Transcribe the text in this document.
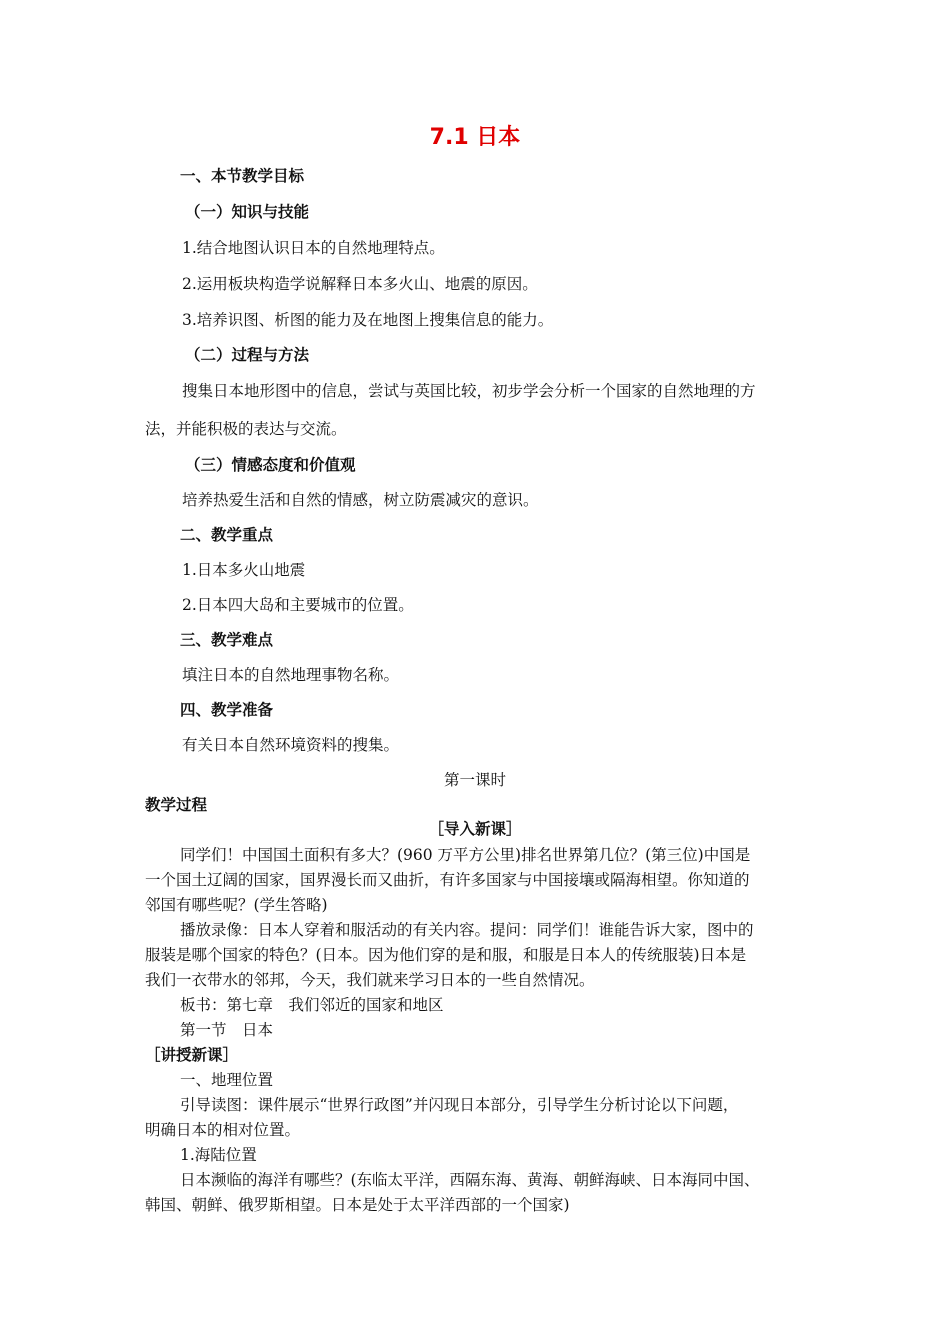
7.1 日本
一、本节教学目标
（一）知识与技能
1.结合地图认识日本的自然地理特点。
2.运用板块构造学说解释日本多火山、地震的原因。
3.培养识图、析图的能力及在地图上搜集信息的能力。
（二）过程与方法
搜集日本地形图中的信息，尝试与英国比较，初步学会分析一个国家的自然地理的方
法，并能积极的表达与交流。
（三）情感态度和价值观
培养热爱生活和自然的情感，树立防震减灾的意识。
二、教学重点
1.日本多火山地震
2.日本四大岛和主要城市的位置。
三、教学难点
填注日本的自然地理事物名称。
四、教学准备
有关日本自然环境资料的搜集。
第一课时
教学过程
［导入新课］
同学们！中国国土面积有多大？(960 万平方公里)排名世界第几位？(第三位)中国是
一个国土辽阔的国家，国界漫长而又曲折，有许多国家与中国接壤或隔海相望。你知道的
邻国有哪些呢？(学生答略)
播放录像：日本人穿着和服活动的有关内容。提问：同学们！谁能告诉大家，图中的
服装是哪个国家的特色？(日本。因为他们穿的是和服，和服是日本人的传统服装)日本是
我们一衣带水的邻邦，今天，我们就来学习日本的一些自然情况。
板书：第七章　我们邻近的国家和地区
第一节　日本
［讲授新课］
一、地理位置
引导读图：课件展示“世界行政图”并闪现日本部分，引导学生分析讨论以下问题，
明确日本的相对位置。
1.海陆位置
日本濒临的海洋有哪些？(东临太平洋，西隔东海、黄海、朝鲜海峡、日本海同中国、
韩国、朝鲜、俄罗斯相望。日本是处于太平洋西部的一个国家)
